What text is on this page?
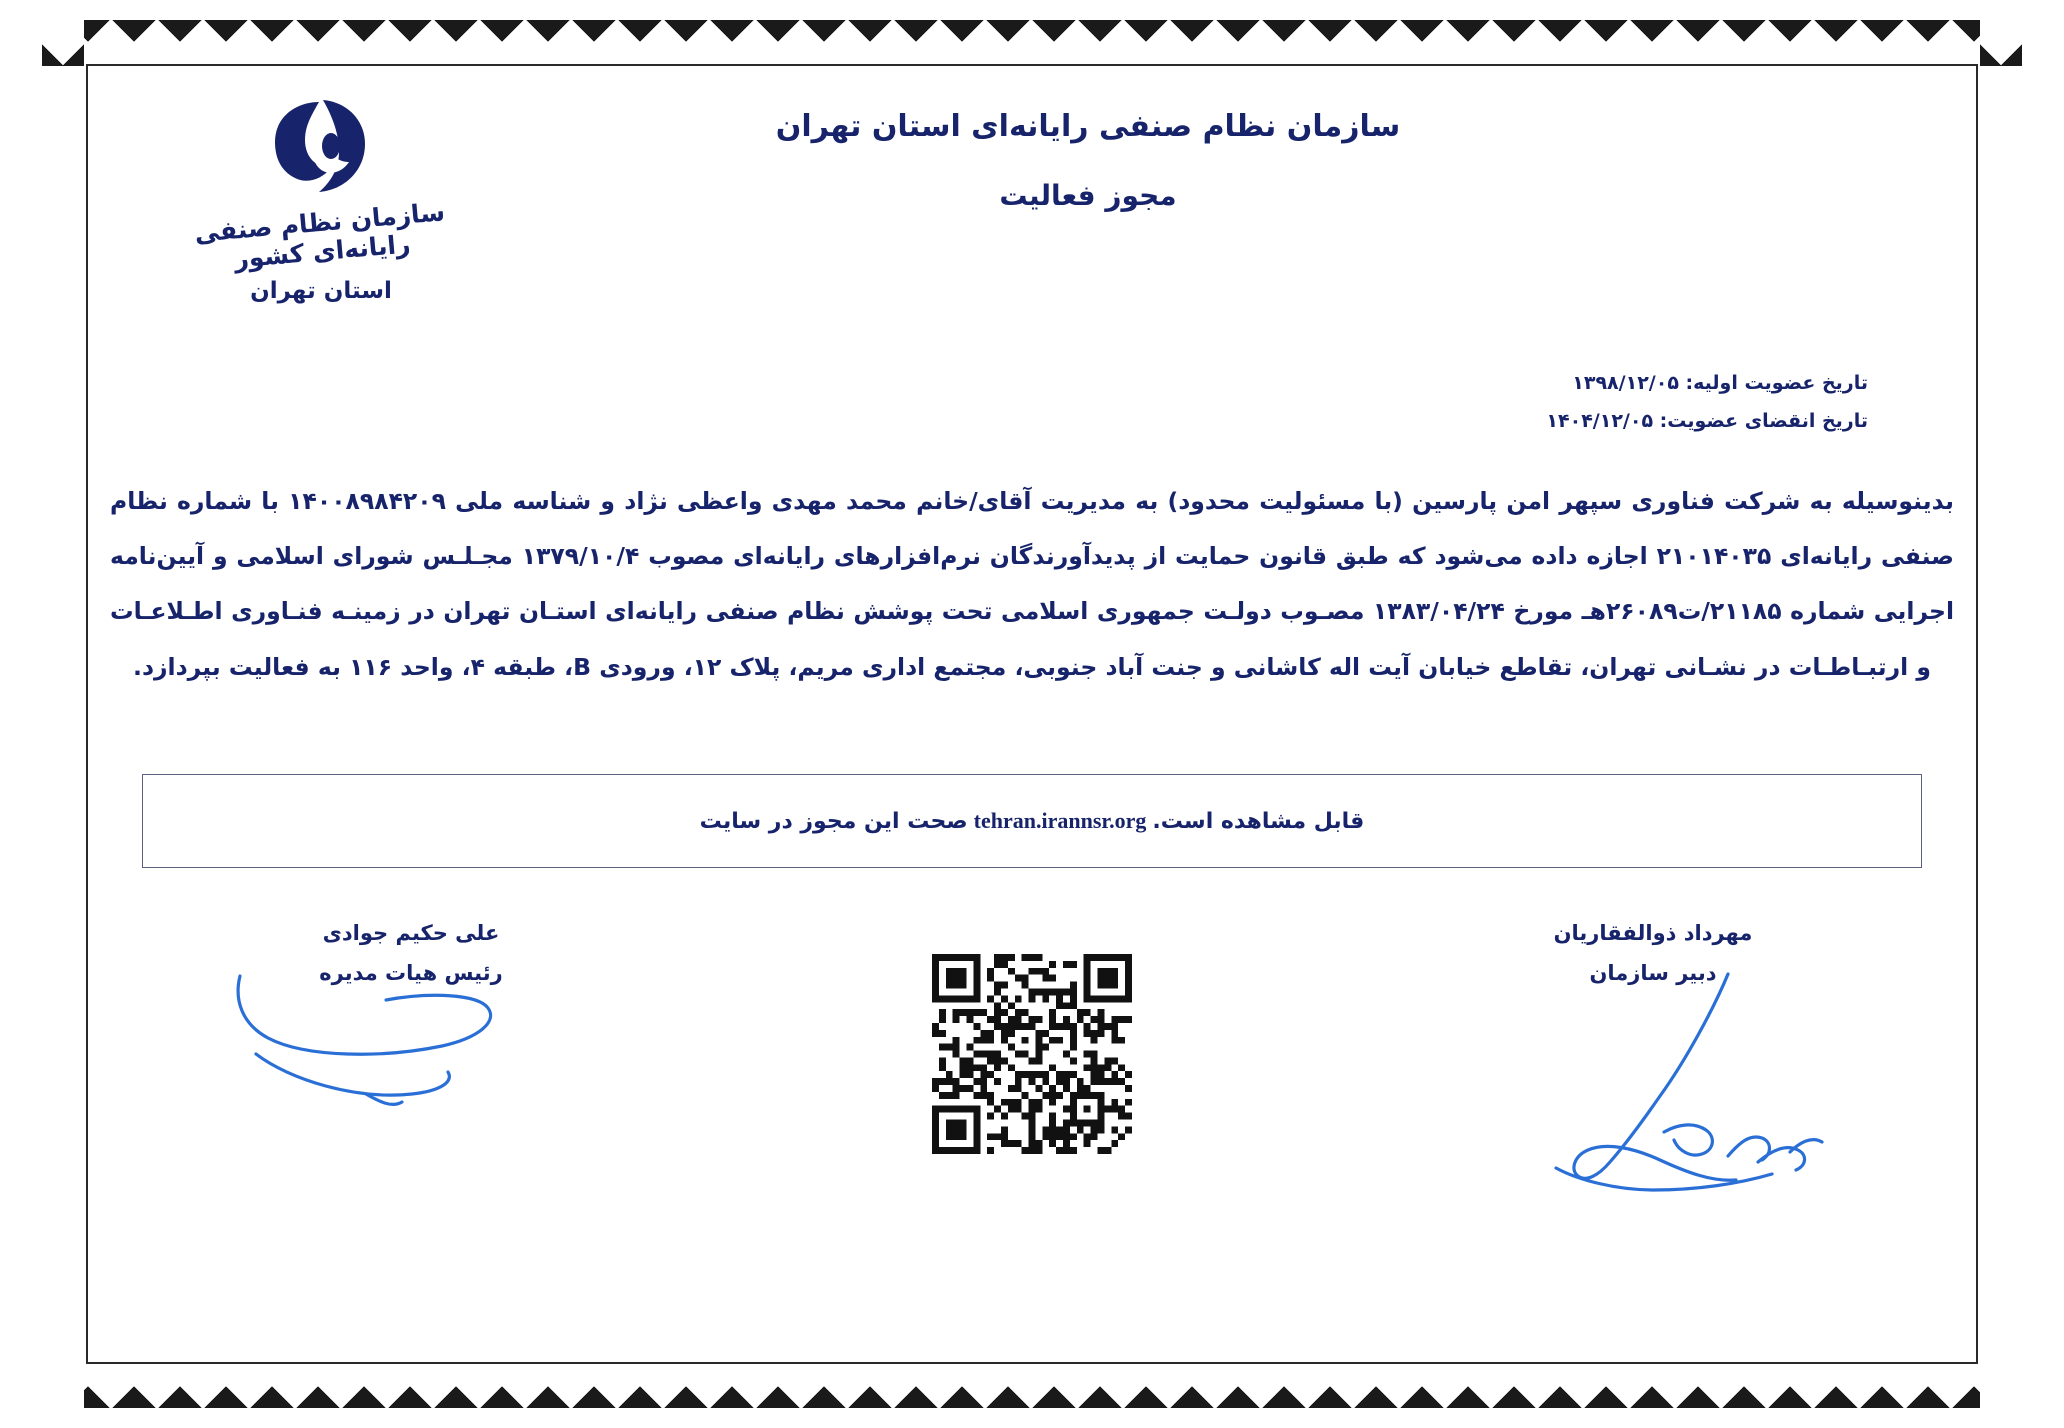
سازمان نظام صنفی رایانه‌ای استان تهران
مجوز فعالیت
سازمان نظام صنفی رایانه‌ای کشور
استان تهران
تاریخ عضویت اولیه: ۱۳۹۸/۱۲/۰۵
تاریخ انقضای عضویت: ۱۴۰۴/۱۲/۰۵
بدینوسیله به شرکت فناوری سپهر امن پارسین (با مسئولیت محدود) به مدیریت آقای/خانم محمد مهدی واعظی نژاد و شناسه ملی ۱۴۰۰۸۹۸۴۲۰۹ با شماره نظام صنفی رایانه‌ای ۲۱۰۱۴۰۳۵ اجازه داده می‌شود که طبق قانون حمایت از پدیدآورندگان نرم‌افزارهای رایانه‌ای مصوب ۱۳۷۹/۱۰/۴ مجـلـس شورای اسلامی و آیین‌نامه اجرایی شماره ۲۱۱۸۵/ت۲۶۰۸۹هـ مورخ ۱۳۸۳/۰۴/۲۴ مصـوب دولـت جمهوری اسلامی تحت پوشش نظام صنفی رایانه‌ای استـان تهران در زمینـه فنـاوری اطـلاعـات و ارتبـاطـات در نشـانی تهران، تقاطع خیابان آیت اله کاشانی و جنت آباد جنوبی، مجتمع اداری مریم، پلاک ۱۲، ورودی B، طبقه ۴، واحد ۱۱۶ به فعالیت بپردازد.
قابل مشاهده است.
tehran.irannsr.org
صحت این مجوز در سایت
مهرداد ذوالفقاریان
دبیر سازمان
علی حکیم جوادی
رئیس هیات مدیره
